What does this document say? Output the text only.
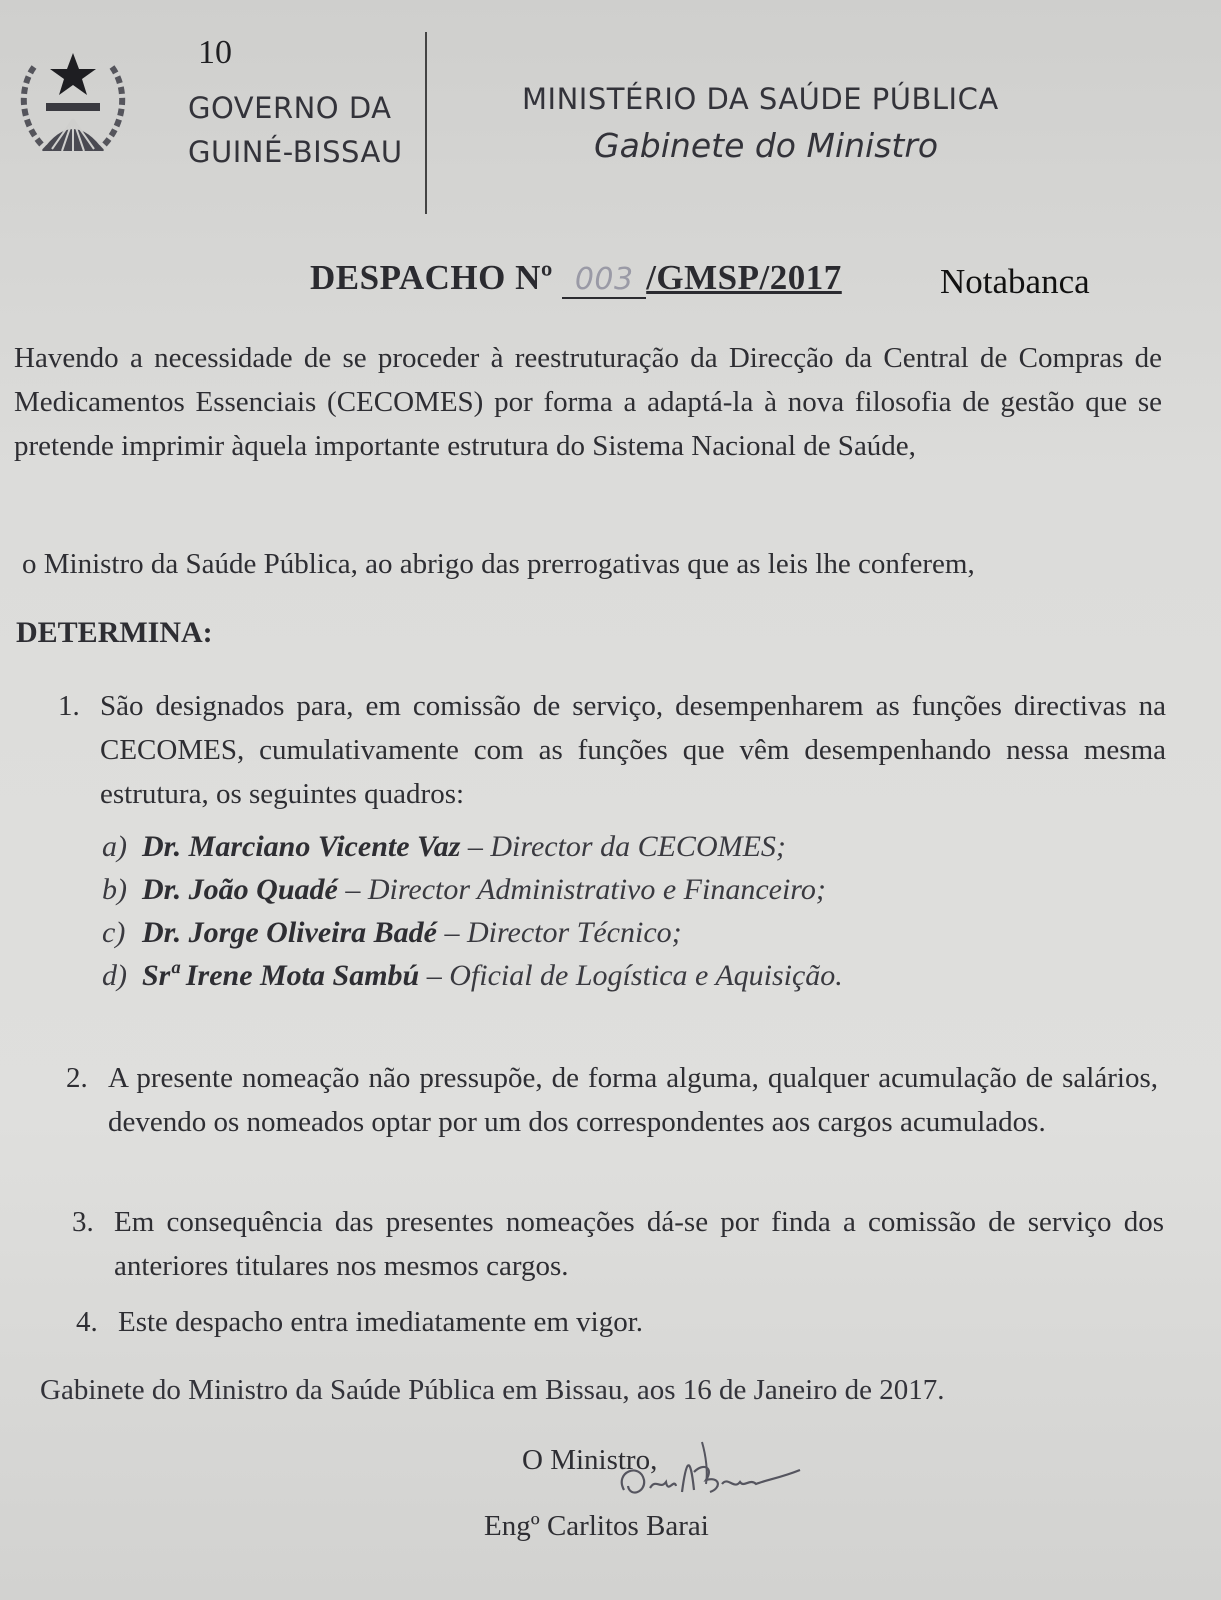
10
GOVERNO DA
GUINÉ-BISSAU
MINISTÉRIO DA SAÚDE PÚBLICA
Gabinete do Ministro
DESPACHO Nº 003 /GMSP/2017	Notabanca
Havendo a necessidade de se proceder à reestruturação da Direcção da Central de Compras de Medicamentos Essenciais (CECOMES) por forma a adaptá-la à nova filosofia de gestão que se pretende imprimir àquela importante estrutura do Sistema Nacional de Saúde,
o Ministro da Saúde Pública, ao abrigo das prerrogativas que as leis lhe conferem,
DETERMINA:
1. São designados para, em comissão de serviço, desempenharem as funções directivas na CECOMES, cumulativamente com as funções que vêm desempenhando nessa mesma estrutura, os seguintes quadros:
a) Dr. Marciano Vicente Vaz – Director da CECOMES;
b) Dr. João Quadé – Director Administrativo e Financeiro;
c) Dr. Jorge Oliveira Badé – Director Técnico;
d) Srª Irene Mota Sambú – Oficial de Logística e Aquisição.
2. A presente nomeação não pressupõe, de forma alguma, qualquer acumulação de salários, devendo os nomeados optar por um dos correspondentes aos cargos acumulados.
3. Em consequência das presentes nomeações dá-se por finda a comissão de serviço dos anteriores titulares nos mesmos cargos.
4. Este despacho entra imediatamente em vigor.
Gabinete do Ministro da Saúde Pública em Bissau, aos 16 de Janeiro de 2017.
O Ministro,
Engº Carlitos Barai
